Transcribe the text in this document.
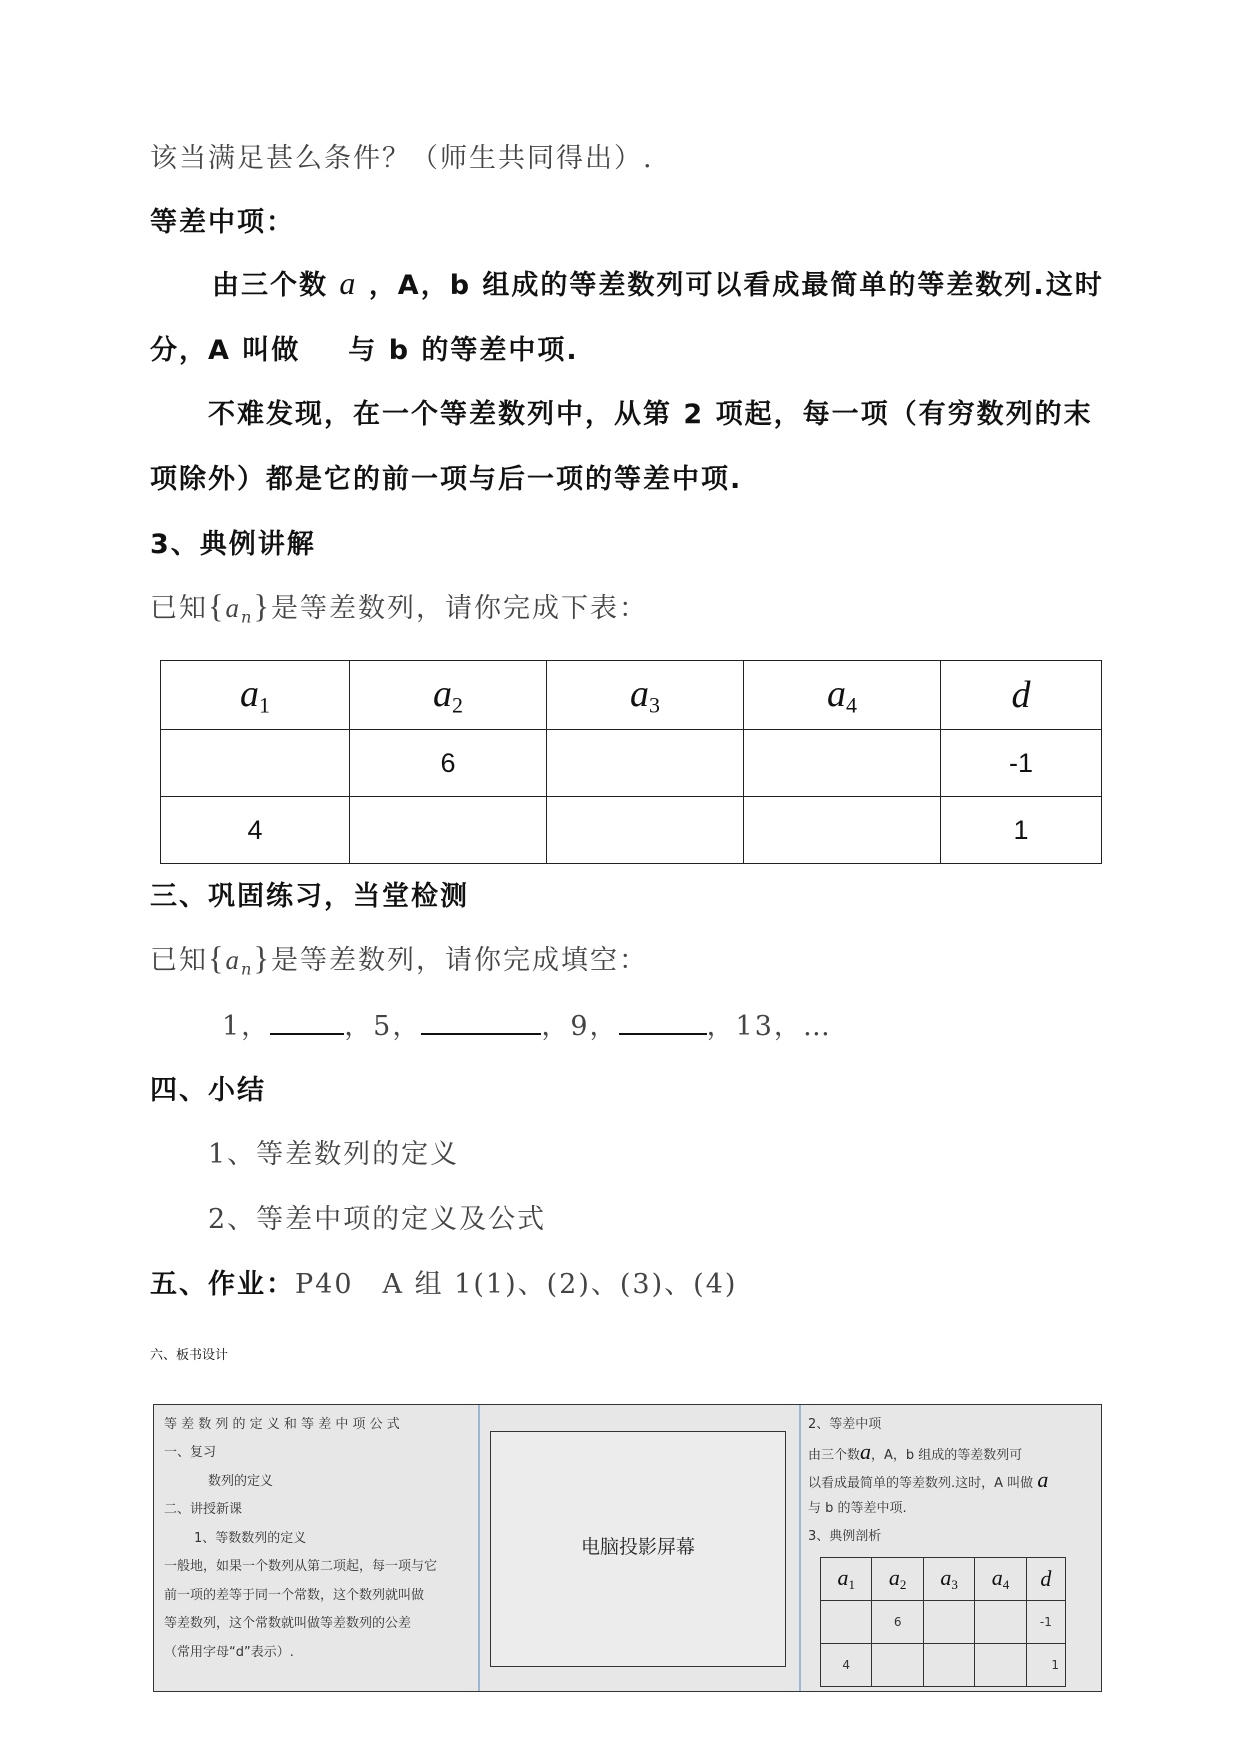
该当满足甚么条件？（师生共同得出）.
等差中项：
由三个数 a ，A，b 组成的等差数列可以看成最简单的等差数列.这时
分，A 叫做 与 b 的等差中项.
不难发现，在一个等差数列中，从第 2 项起，每一项（有穷数列的末
项除外）都是它的前一项与后一项的等差中项.
3、典例讲解
已知$\{a_n\}$是等差数列，请你完成下表：
a1	a2	a3	a4	d
	6			-1
4				1
三、巩固练习，当堂检测
已知$\{a_n\}$是等差数列，请你完成填空：
1，	，5，	，9，	，13，…
四、小结
1、等差数列的定义
2、等差中项的定义及公式
五、作业：P40　A 组 1(1)、(2)、(3)、(4)
六、板书设计
等 差 数 列 的 定 义 和 等 差 中 项 公 式
一、复习
数列的定义
二、讲授新课
1、等数数列的定义
一般地，如果一个数列从第二项起，每一项与它
前一项的差等于同一个常数，这个数列就叫做
等差数列，这个常数就叫做等差数列的公差
（常用字母“d”表示）.
电脑投影屏幕
2、等差中项
由三个数a，A，b 组成的等差数列可
以看成最简单的等差数列.这时，A 叫做 a
与 b 的等差中项.
3、典例剖析
a1	a2	a3	a4	d
	6			-1
4				1
